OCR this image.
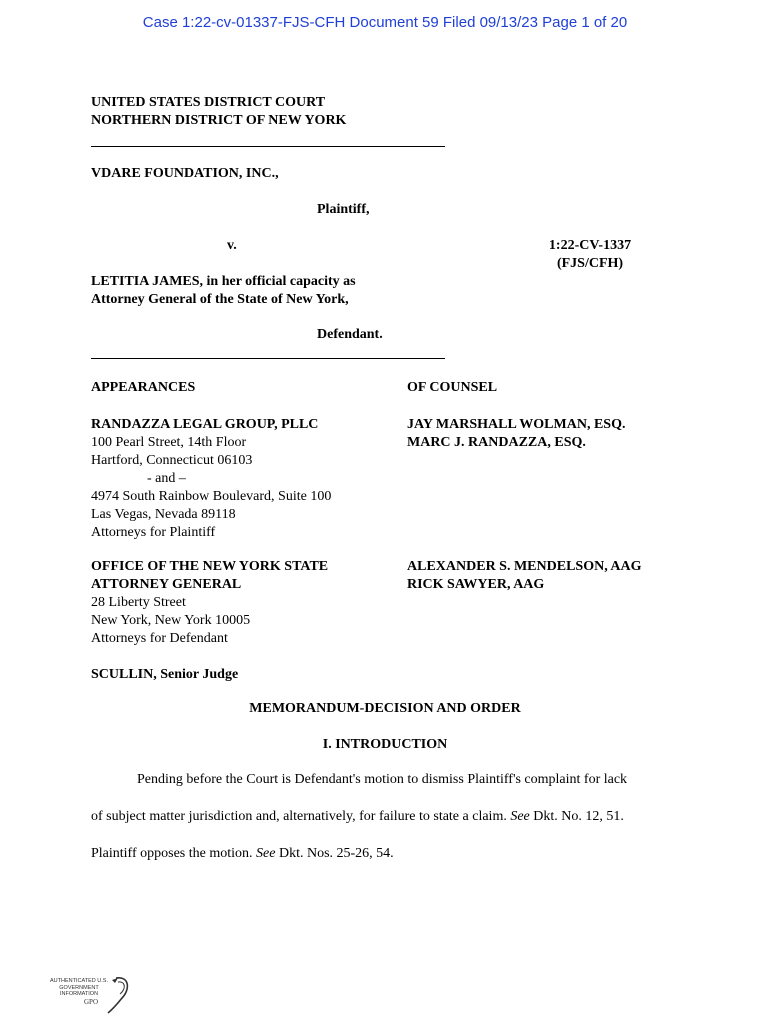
Case 1:22-cv-01337-FJS-CFH Document 59 Filed 09/13/23 Page 1 of 20
UNITED STATES DISTRICT COURT
NORTHERN DISTRICT OF NEW YORK
VDARE FOUNDATION, INC.,
Plaintiff,
v.	1:22-CV-1337
(FJS/CFH)
LETITIA JAMES, in her official capacity as
Attorney General of the State of New York,
Defendant.
APPEARANCES	OF COUNSEL
RANDAZZA LEGAL GROUP, PLLC
100 Pearl Street, 14th Floor
Hartford, Connecticut 06103
- and –
4974 South Rainbow Boulevard, Suite 100
Las Vegas, Nevada 89118
Attorneys for Plaintiff
JAY MARSHALL WOLMAN, ESQ.
MARC J. RANDAZZA, ESQ.
OFFICE OF THE NEW YORK STATE
ATTORNEY GENERAL
28 Liberty Street
New York, New York 10005
Attorneys for Defendant
ALEXANDER S. MENDELSON, AAG
RICK SAWYER, AAG
SCULLIN, Senior Judge
MEMORANDUM-DECISION AND ORDER
I. INTRODUCTION
Pending before the Court is Defendant's motion to dismiss Plaintiff's complaint for lack
of subject matter jurisdiction and, alternatively, for failure to state a claim. See Dkt. No. 12, 51.
Plaintiff opposes the motion. See Dkt. Nos. 25-26, 54.
AUTHENTICATED U.S. GOVERNMENT INFORMATION
GPO
